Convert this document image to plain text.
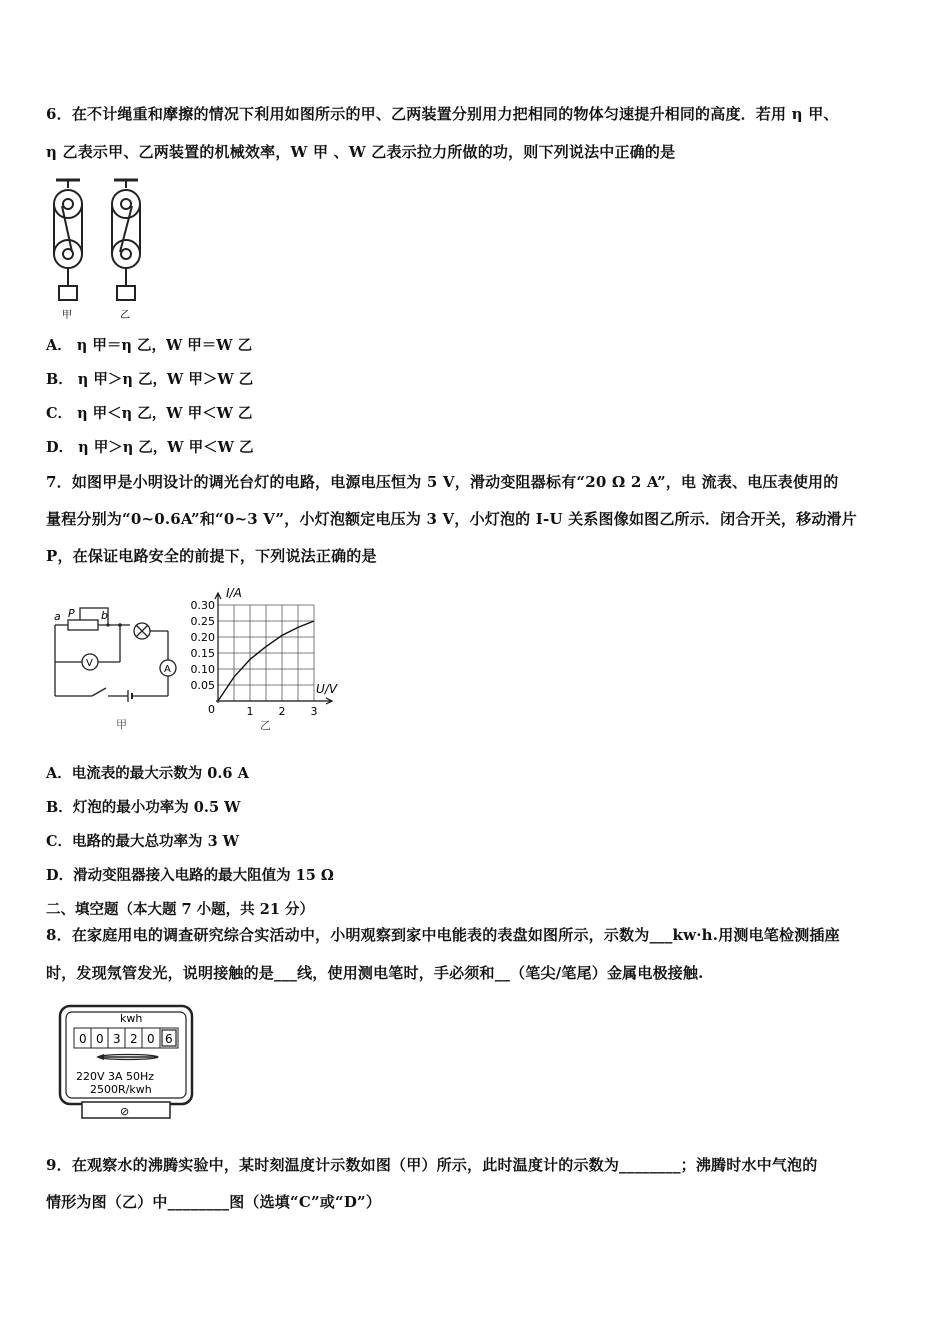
6．在不计绳重和摩擦的情况下利用如图所示的甲、乙两装置分别用力把相同的物体匀速提升相同的高度．若用 η 甲、
η 乙表示甲、乙两装置的机械效率，W 甲 、W 乙表示拉力所做的功，则下列说法中正确的是
甲	乙
A． η 甲＝η 乙，W 甲＝W 乙
B． η 甲＞η 乙，W 甲＞W 乙
C． η 甲＜η 乙，W 甲＜W 乙
D． η 甲＞η 乙，W 甲＜W 乙
7．如图甲是小明设计的调光台灯的电路，电源电压恒为 5 V，滑动变阻器标有“20 Ω 2 A”，电 流表、电压表使用的
量程分别为“0~0.6A”和“0~3 V”，小灯泡额定电压为 3 V，小灯泡的 I-U 关系图像如图乙所示．闭合开关，移动滑片
P，在保证电路安全的前提下，下列说法正确的是
a P b
V
A
甲
0.05
0.10
0.15
0.20
0.25
0.30
1 2 3
I/A
U/V
0
乙
A．电流表的最大示数为 0.6 A
B．灯泡的最小功率为 0.5 W
C．电路的最大总功率为 3 W
D．滑动变阻器接入电路的最大阻值为 15 Ω
二、填空题（本大题 7 小题，共 21 分）
8．在家庭用电的调查研究综合实活动中，小明观察到家中电能表的表盘如图所示，示数为___kw·h.用测电笔检测插座
时，发现氖管发光，说明接触的是___线，使用测电笔时，手必须和__（笔尖/笔尾）金属电极接触.
kwh
0 0 3 2 0 6
220V 3A 50Hz
2500R/kwh
⊘
9．在观察水的沸腾实验中，某时刻温度计示数如图（甲）所示，此时温度计的示数为________；沸腾时水中气泡的
情形为图（乙）中________图（选填“C”或“D”）
